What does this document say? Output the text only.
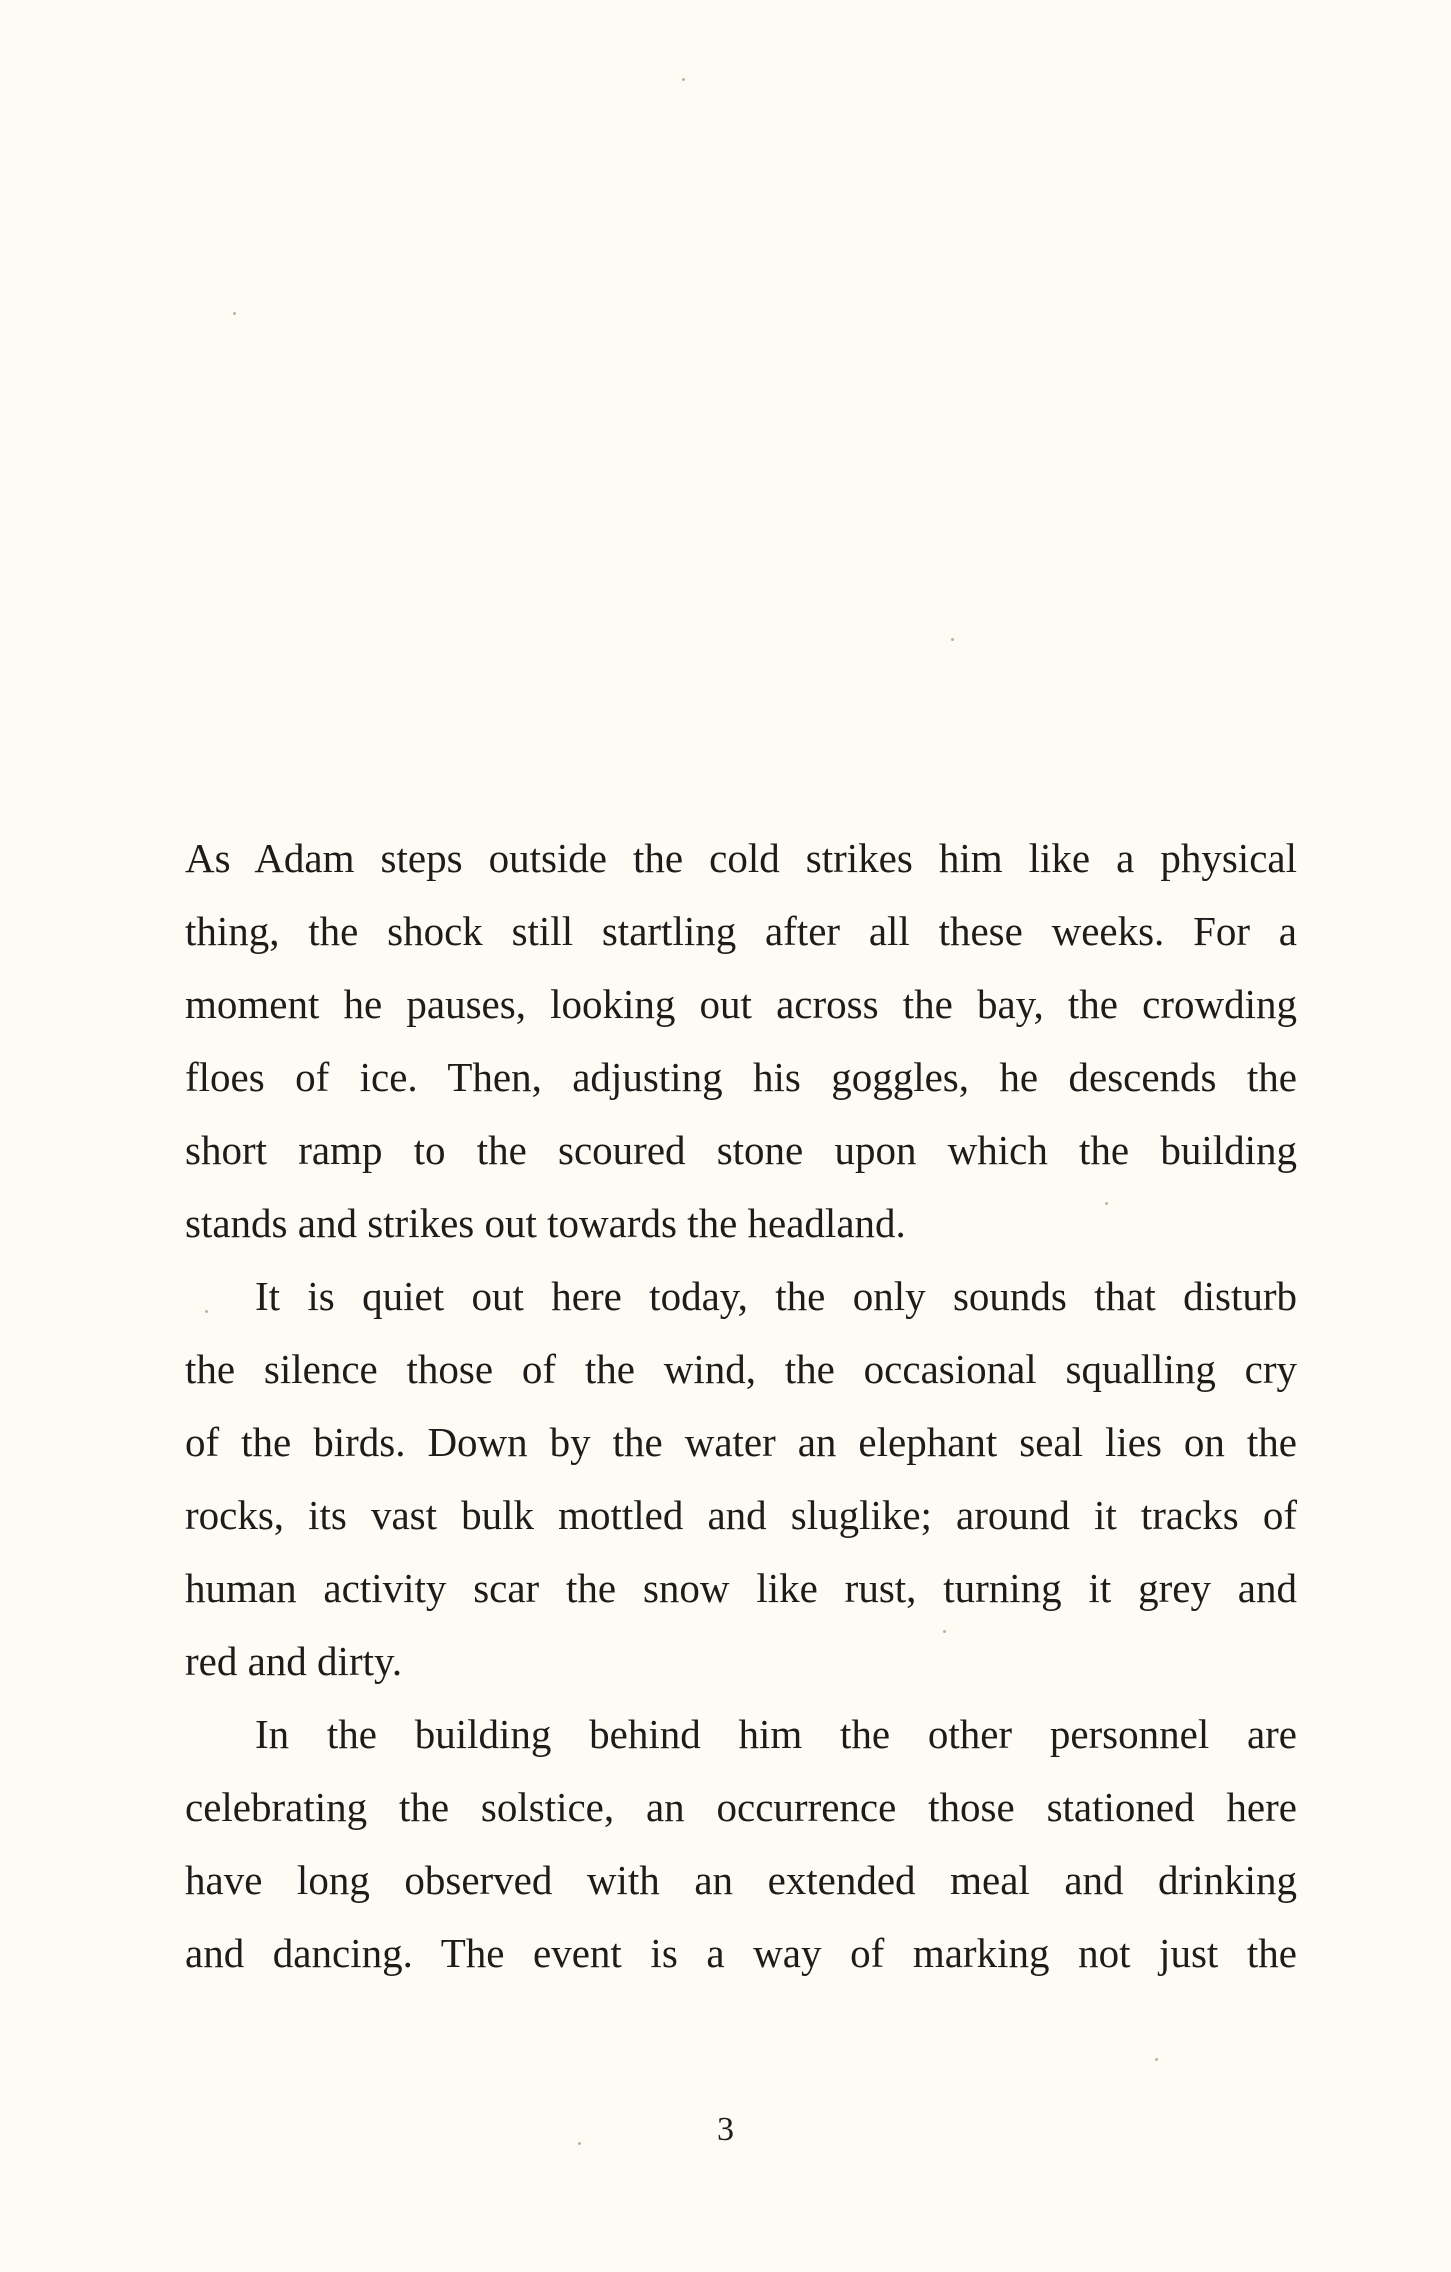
As Adam steps outside the cold strikes him like a physical
thing, the shock still startling after all these weeks. For a
moment he pauses, looking out across the bay, the crowding
floes of ice. Then, adjusting his goggles, he descends the
short ramp to the scoured stone upon which the building
stands and strikes out towards the headland.
It is quiet out here today, the only sounds that disturb
the silence those of the wind, the occasional squalling cry
of the birds. Down by the water an elephant seal lies on the
rocks, its vast bulk mottled and sluglike; around it tracks of
human activity scar the snow like rust, turning it grey and
red and dirty.
In the building behind him the other personnel are
celebrating the solstice, an occurrence those stationed here
have long observed with an extended meal and drinking
and dancing. The event is a way of marking not just the
3
